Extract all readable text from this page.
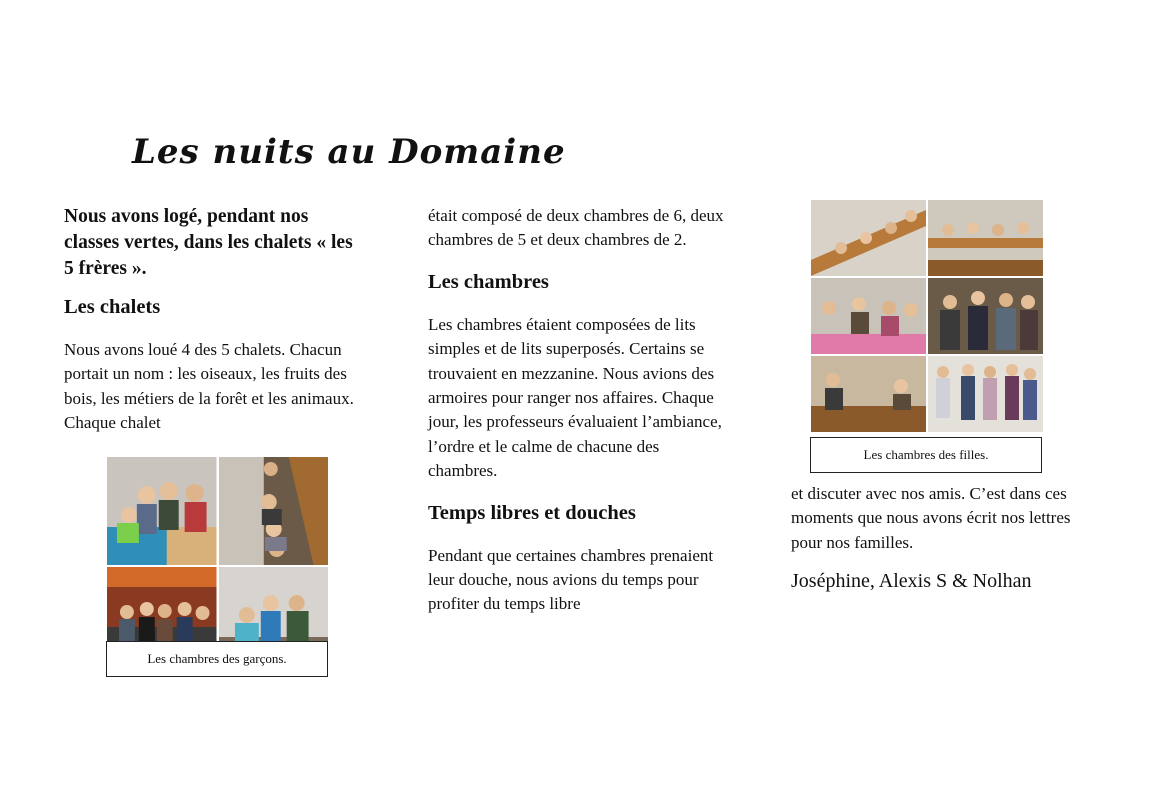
Les nuits au Domaine

Nous avons logé, pendant nos classes vertes, dans les chalets « les 5 frères ».

Les chalets

Nous avons loué 4 des 5 chalets. Chacun portait un nom : les oiseaux, les fruits des bois, les métiers de la forêt et les animaux. Chaque chalet

Les chambres des garçons.

était composé de deux chambres de 6, deux chambres de 5 et deux chambres de 2.

Les chambres

Les chambres étaient composées de lits simples et de lits superposés. Certains se trouvaient en mezzanine. Nous avions des armoires pour ranger nos affaires. Chaque jour, les professeurs évaluaient l’ambiance, l’ordre et le calme de chacune des chambres.

Temps libres et douches

Pendant que certaines chambres prenaient leur douche, nous avions du temps pour profiter du temps libre

Les chambres des filles.

et discuter avec nos amis. C’est dans ces moments que nous avons écrit nos lettres pour nos familles.

Joséphine, Alexis S & Nolhan
